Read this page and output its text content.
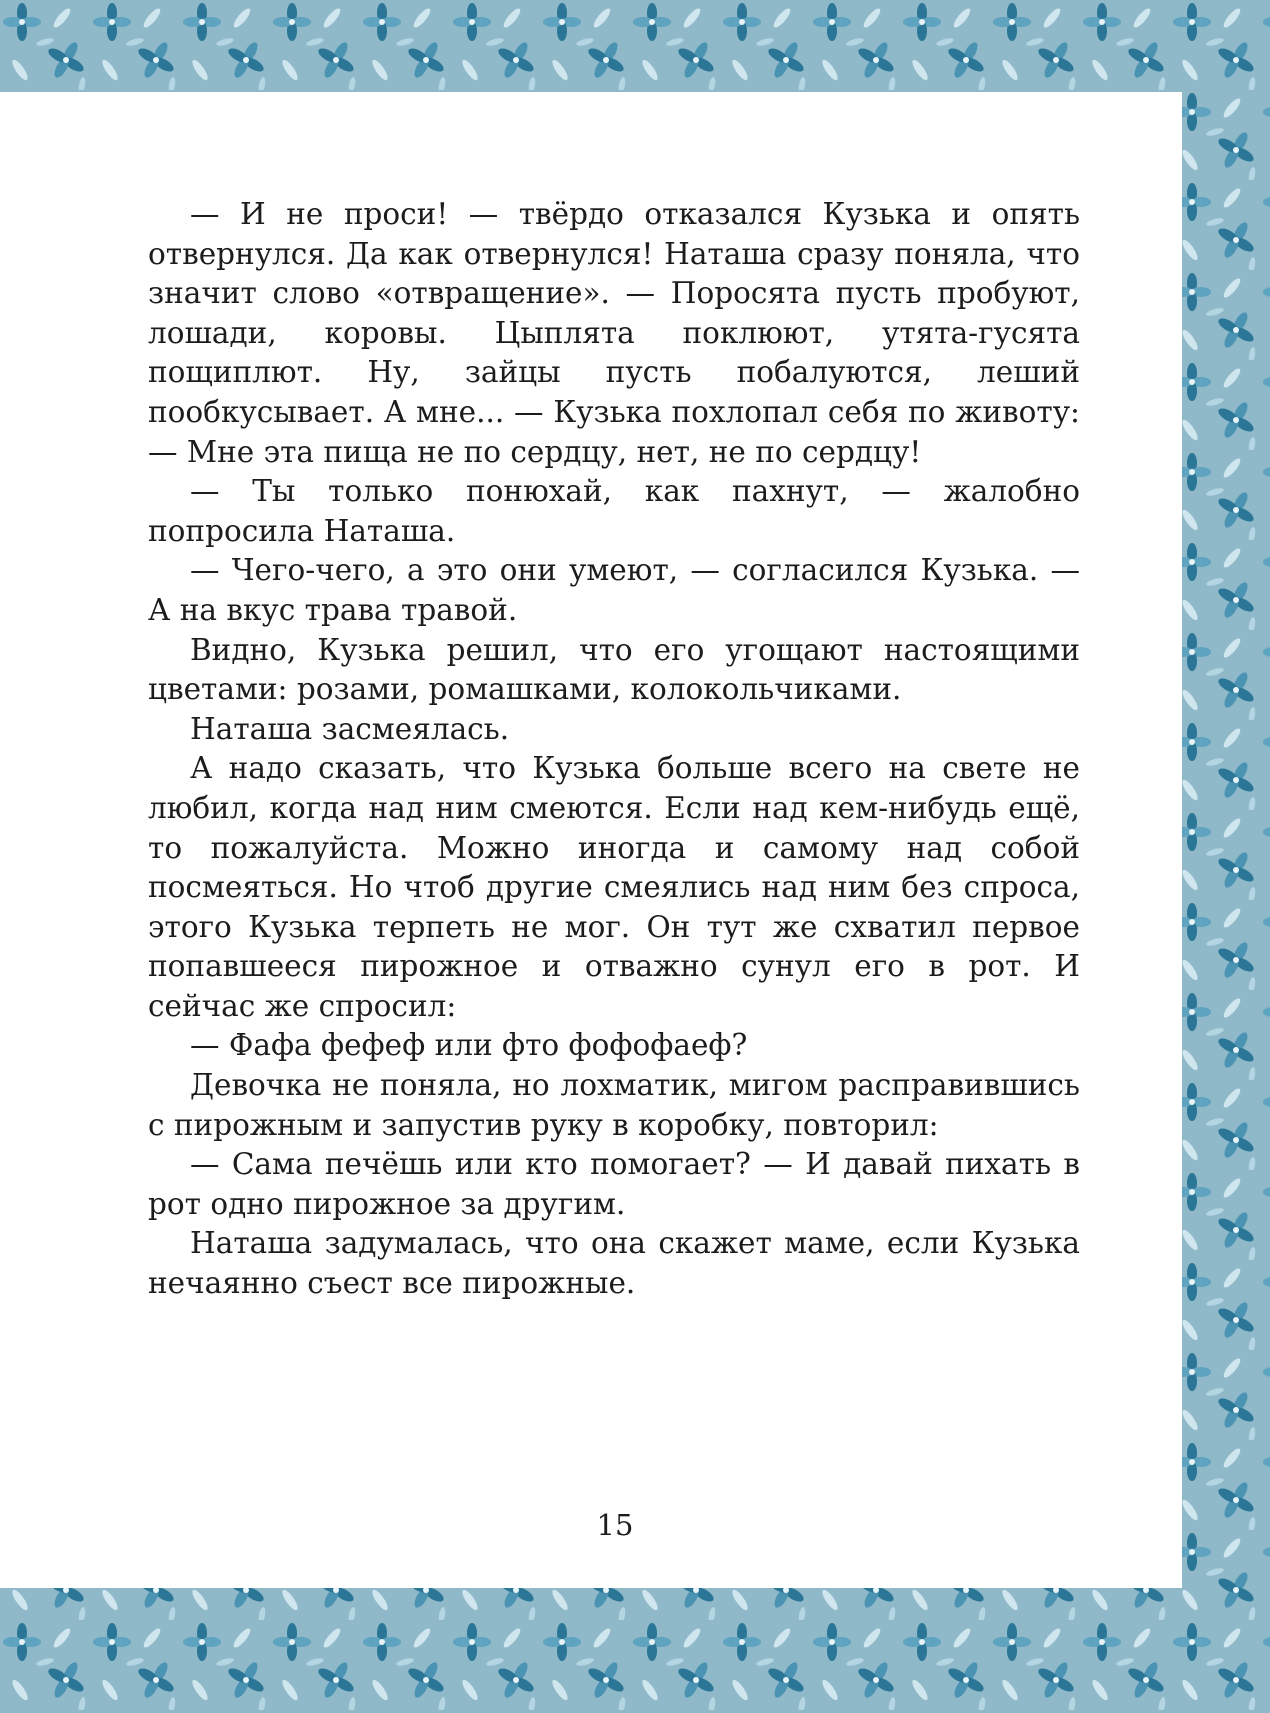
— И не проси! — твёрдо отказался Кузька и опять отвернулся. Да как отвернулся! Наташа сразу поняла, что значит слово «отвращение». — Поросята пусть пробуют, лошади, коровы. Цыплята поклюют, утята-гусята пощиплют. Ну, зайцы пусть побалуются, леший пообкусывает. А мне... — Кузька похлопал себя по животу: — Мне эта пища не по сердцу, нет, не по сердцу!

— Ты только понюхай, как пахнут, — жалобно попросила Наташа.

— Чего-чего, а это они умеют, — согласился Кузька. — А на вкус трава травой.

Видно, Кузька решил, что его угощают настоящими цветами: розами, ромашками, колокольчиками.

Наташа засмеялась.

А надо сказать, что Кузька больше всего на свете не любил, когда над ним смеются. Если над кем-нибудь ещё, то пожалуйста. Можно иногда и самому над собой посмеяться. Но чтоб другие смеялись над ним без спроса, этого Кузька терпеть не мог. Он тут же схватил первое попавшееся пирожное и отважно сунул его в рот. И сейчас же спросил:

— Фафа фефеф или фто фофофаеф?

Девочка не поняла, но лохматик, мигом расправившись с пирожным и запустив руку в коробку, повторил:

— Сама печёшь или кто помогает? — И давай пихать в рот одно пирожное за другим.

Наташа задумалась, что она скажет маме, если Кузька нечаянно съест все пирожные.

15
